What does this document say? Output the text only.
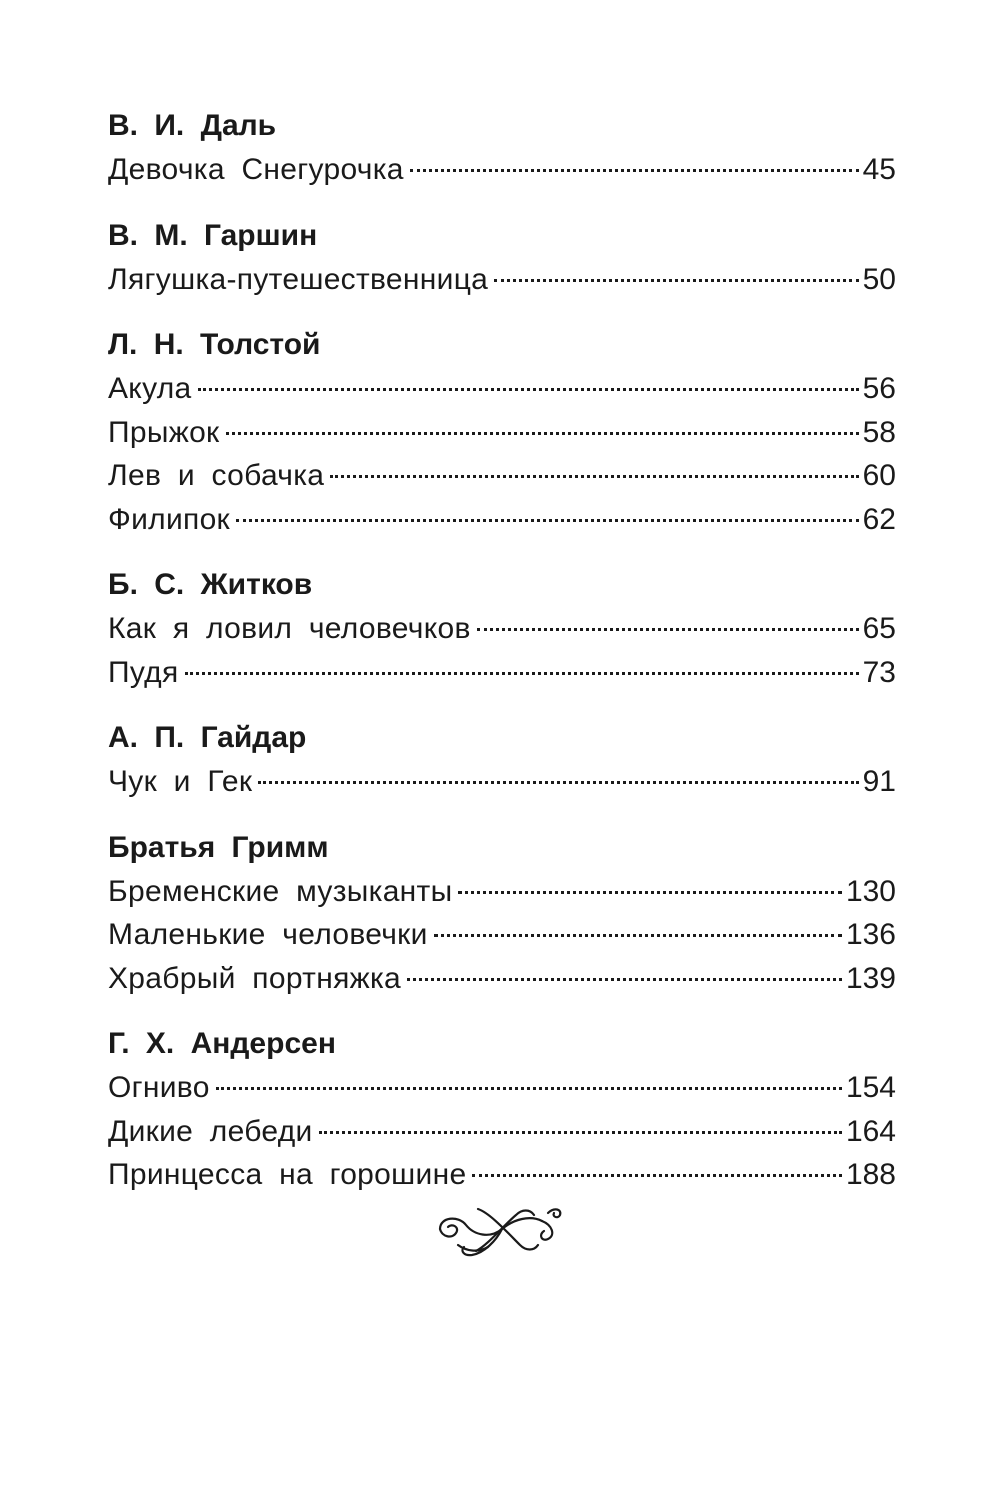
В. И. Даль
Девочка Снегурочка	45
В. М. Гаршин
Лягушка-путешественница	50
Л. Н. Толстой
Акула	56
Прыжок	58
Лев и собачка	60
Филипок	62
Б. С. Житков
Как я ловил человечков	65
Пудя	73
А. П. Гайдар
Чук и Гек	91
Братья Гримм
Бременские музыканты	130
Маленькие человечки	136
Храбрый портняжка	139
Г. Х. Андерсен
Огниво	154
Дикие лебеди	164
Принцесса на горошине	188
